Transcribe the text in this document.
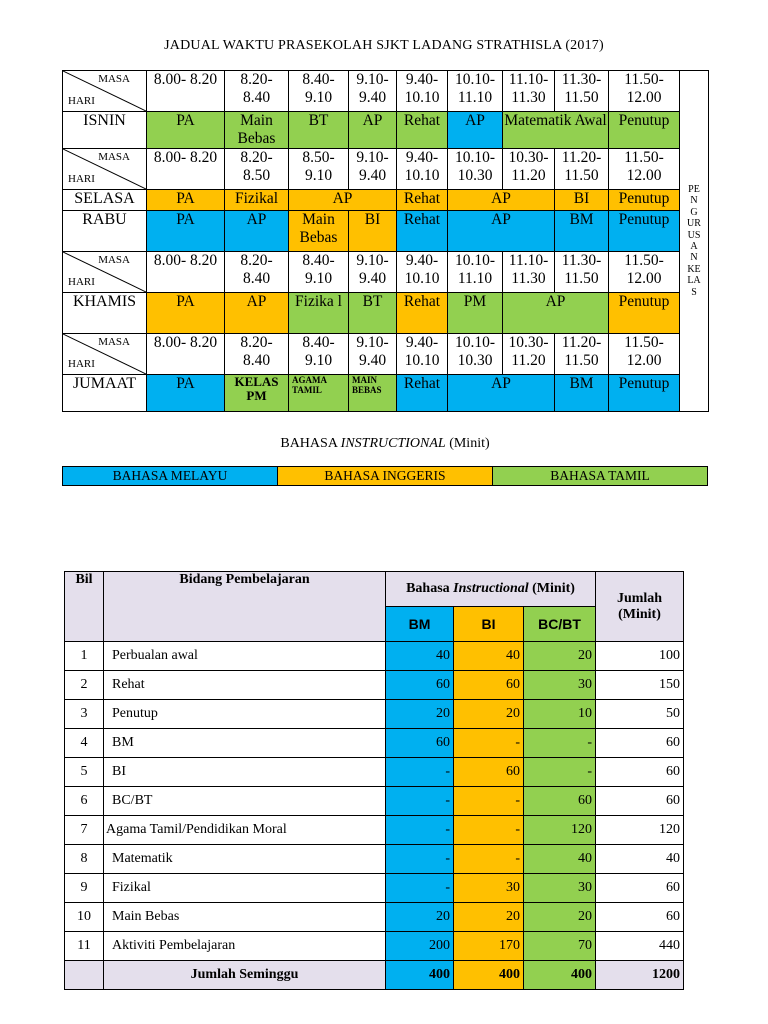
JADUAL WAKTU PRASEKOLAH SJKT LADANG STRATHISLA (2017)
MASA
HARI	8.00- 8.20	8.20- 8.40	8.40- 9.10	9.10- 9.40	9.40- 10.10	10.10- 11.10	11.10- 11.30	11.30- 11.50	11.50- 12.00	PENGURUSAN KELAS

ISNIN	PA	Main Bebas	BT	AP	Rehat	AP	Matematik Awal		Penutup	

MASA
HARI	8.00- 8.20	8.20- 8.50	8.50- 9.10	9.10- 9.40	9.40- 10.10	10.10- 10.30	10.30- 11.20	11.20- 11.50	11.50- 12.00	
SELASA	PA	Fizikal	AP		Rehat	AP		BI	Penutup	
RABU	PA	AP	Main Bebas	BI	Rehat	AP		BM	Penutup	

MASA
HARI	8.00- 8.20	8.20- 8.40	8.40- 9.10	9.10- 9.40	9.40- 10.10	10.10- 11.10	11.10- 11.30	11.30- 11.50	11.50- 12.00	
KHAMIS	PA	AP	Fizika l	BT	Rehat	PM	AP		Penutup	

MASA
HARI	8.00- 8.20	8.20- 8.40	8.40- 9.10	9.10- 9.40	9.40- 10.10	10.10- 10.30	10.30- 11.20	11.20- 11.50	11.50- 12.00	
JUMAAT	PA	KELAS PM	AGAMA TAMIL	MAIN BEBAS	Rehat	AP		BM	Penutup	
BAHASA INSTRUCTIONAL (Minit)
BAHASA MELAYU	BAHASA INGGERIS	BAHASA TAMIL
Bil	Bidang Pembelajaran	Bahasa Instructional (Minit)			Jumlah (Minit)
		BM	BI	BC/BT	
1	Perbualan awal	40	40	20	100
2	Rehat	60	60	30	150
3	Penutup	20	20	10	50
4	BM	60	-	-	60
5	BI	-	60	-	60
6	BC/BT	-	-	60	60
7	Agama Tamil/Pendidikan Moral	-	-	120	120
8	Matematik	-	-	40	40
9	Fizikal	-	30	30	60
10	Main Bebas	20	20	20	60
11	Aktiviti Pembelajaran	200	170	70	440
	Jumlah Seminggu	400	400	400	1200
